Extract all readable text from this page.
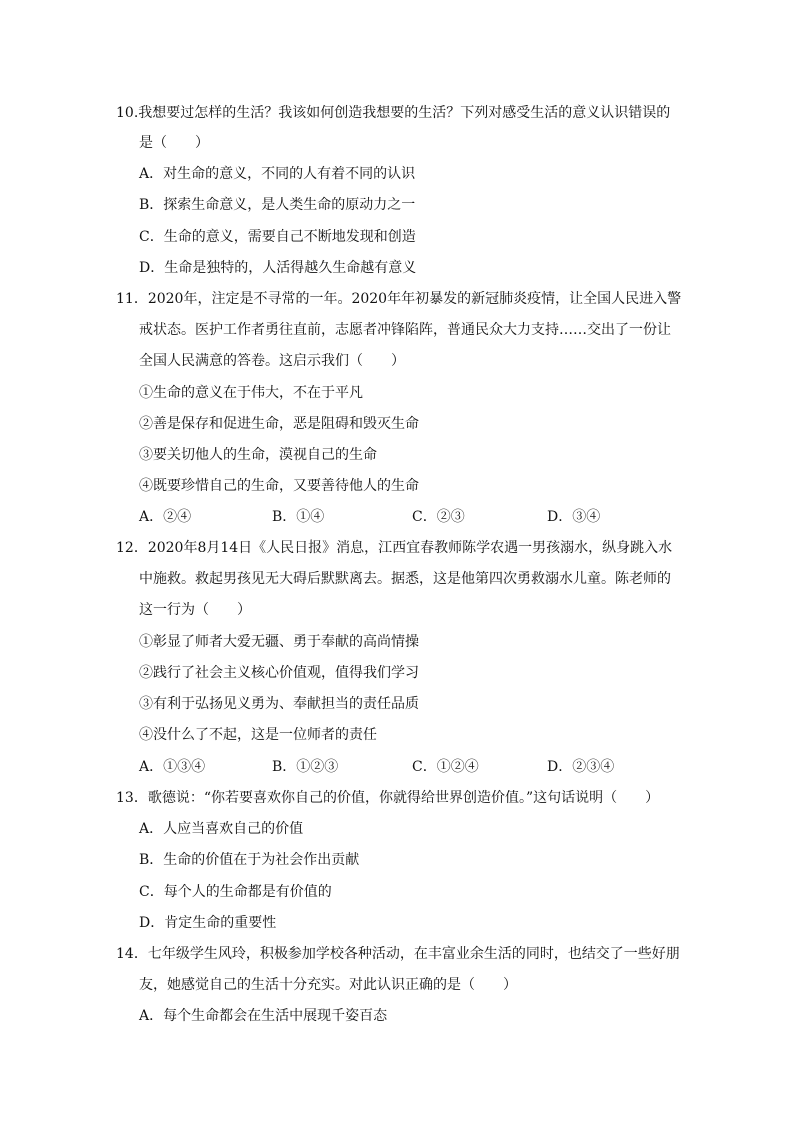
10.我想要过怎样的生活？我该如何创造我想要的生活？下列对感受生活的意义认识错误的
是（　　）
A．对生命的意义，不同的人有着不同的认识
B．探索生命意义，是人类生命的原动力之一
C．生命的意义，需要自己不断地发现和创造
D．生命是独特的，人活得越久生命越有意义
11．2020年，注定是不寻常的一年。2020年年初暴发的新冠肺炎疫情，让全国人民进入警
戒状态。医护工作者勇往直前，志愿者冲锋陷阵，普通民众大力支持……交出了一份让
全国人民满意的答卷。这启示我们（　　）
①生命的意义在于伟大，不在于平凡
②善是保存和促进生命，恶是阻碍和毁灭生命
③要关切他人的生命，漠视自己的生命
④既要珍惜自己的生命，又要善待他人的生命
A．②④	B．①④	C．②③	D．③④
12．2020年8月14日《人民日报》消息，江西宜春教师陈学农遇一男孩溺水，纵身跳入水
中施救。救起男孩见无大碍后默默离去。据悉，这是他第四次勇救溺水儿童。陈老师的
这一行为（　　）
①彰显了师者大爱无疆、勇于奉献的高尚情操
②践行了社会主义核心价值观，值得我们学习
③有利于弘扬见义勇为、奉献担当的责任品质
④没什么了不起，这是一位师者的责任
A．①③④	B．①②③	C．①②④	D．②③④
13．歌德说：“你若要喜欢你自己的价值，你就得给世界创造价值。”这句话说明（　　）
A．人应当喜欢自己的价值
B．生命的价值在于为社会作出贡献
C．每个人的生命都是有价值的
D．肯定生命的重要性
14．七年级学生风玲，积极参加学校各种活动，在丰富业余生活的同时，也结交了一些好朋
友，她感觉自己的生活十分充实。对此认识正确的是（　　）
A．每个生命都会在生活中展现千姿百态
